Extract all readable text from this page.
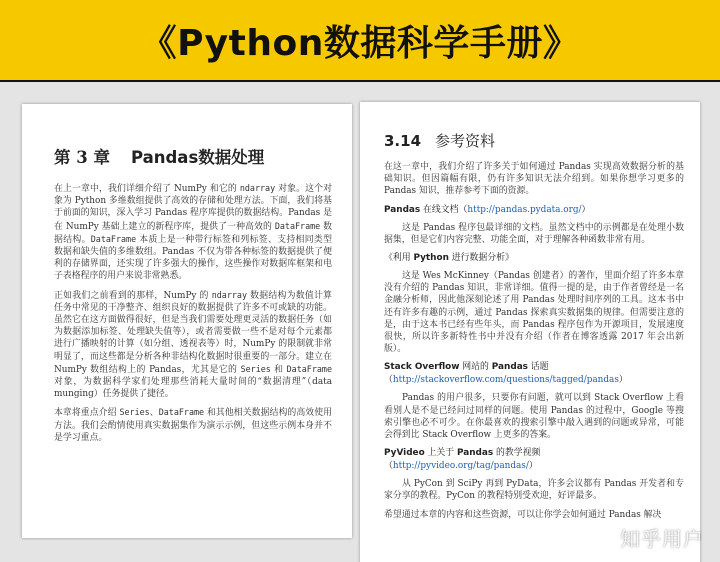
《Python数据科学手册》
第 3 章 Pandas数据处理

在上一章中，我们详细介绍了 NumPy 和它的 ndarray 对象。这个对象为 Python 多维数组提供了高效的存储和处理方法。下面，我们将基于前面的知识，深入学习 Pandas 程序库提供的数据结构。Pandas 是在 NumPy 基础上建立的新程序库，提供了一种高效的 DataFrame 数据结构。DataFrame 本质上是一种带行标签和列标签、支持相同类型数据和缺失值的多维数组。Pandas 不仅为带各种标签的数据提供了便利的存储界面，还实现了许多强大的操作，这些操作对数据库框架和电子表格程序的用户来说非常熟悉。

正如我们之前看到的那样，NumPy 的 ndarray 数据结构为数值计算任务中常见的干净整齐、组织良好的数据提供了许多不可或缺的功能。虽然它在这方面做得很好，但是当我们需要处理更灵活的数据任务（如为数据添加标签、处理缺失值等），或者需要做一些不是对每个元素都进行广播映射的计算（如分组、透视表等）时，NumPy 的限制就非常明显了，而这些都是分析各种非结构化数据时很重要的一部分。建立在 NumPy 数组结构上的 Pandas，尤其是它的 Series 和 DataFrame 对象，为数据科学家们处理那些消耗大量时间的“数据清理”（data munging）任务提供了捷径。

本章将重点介绍 Series、DataFrame 和其他相关数据结构的高效使用方法。我们会酌情使用真实数据集作为演示示例，但这些示例本身并不是学习重点。

3.14 参考资料

在这一章中，我们介绍了许多关于如何通过 Pandas 实现高效数据分析的基础知识。但因篇幅有限，仍有许多知识无法介绍到。如果你想学习更多的 Pandas 知识，推荐参考下面的资源。

Pandas 在线文档（http://pandas.pydata.org/）

这是 Pandas 程序包最详细的文档。虽然文档中的示例都是在处理小数据集，但是它们内容完整、功能全面，对于理解各种函数非常有用。

《利用 Python 进行数据分析》

这是 Wes McKinney（Pandas 创建者）的著作，里面介绍了许多本章没有介绍的 Pandas 知识，非常详细。值得一提的是，由于作者曾经是一名金融分析师，因此他深刻论述了用 Pandas 处理时间序列的工具。这本书中还有许多有趣的示例，通过 Pandas 探索真实数据集的规律。但需要注意的是，由于这本书已经有些年头，而 Pandas 程序包作为开源项目，发展速度很快，所以许多新特性书中并没有介绍（作者在博客透露 2017 年会出新版）。

Stack Overflow 网站的 Pandas 话题
（http://stackoverflow.com/questions/tagged/pandas）

Pandas 的用户很多，只要你有问题，就可以到 Stack Overflow 上看看别人是不是已经问过同样的问题。使用 Pandas 的过程中，Google 等搜索引擎也必不可少。在你最喜欢的搜索引擎中敲入遇到的问题或异常，可能会得到比 Stack Overflow 上更多的答案。

PyVideo 上关于 Pandas 的教学视频（http://pyvideo.org/tag/pandas/）

从 PyCon 到 SciPy 再到 PyData，许多会议都有 Pandas 开发者和专家分享的教程。PyCon 的教程特别受欢迎，好评最多。

希望通过本章的内容和这些资源，可以让你学会如何通过 Pandas 解决

知乎用户
